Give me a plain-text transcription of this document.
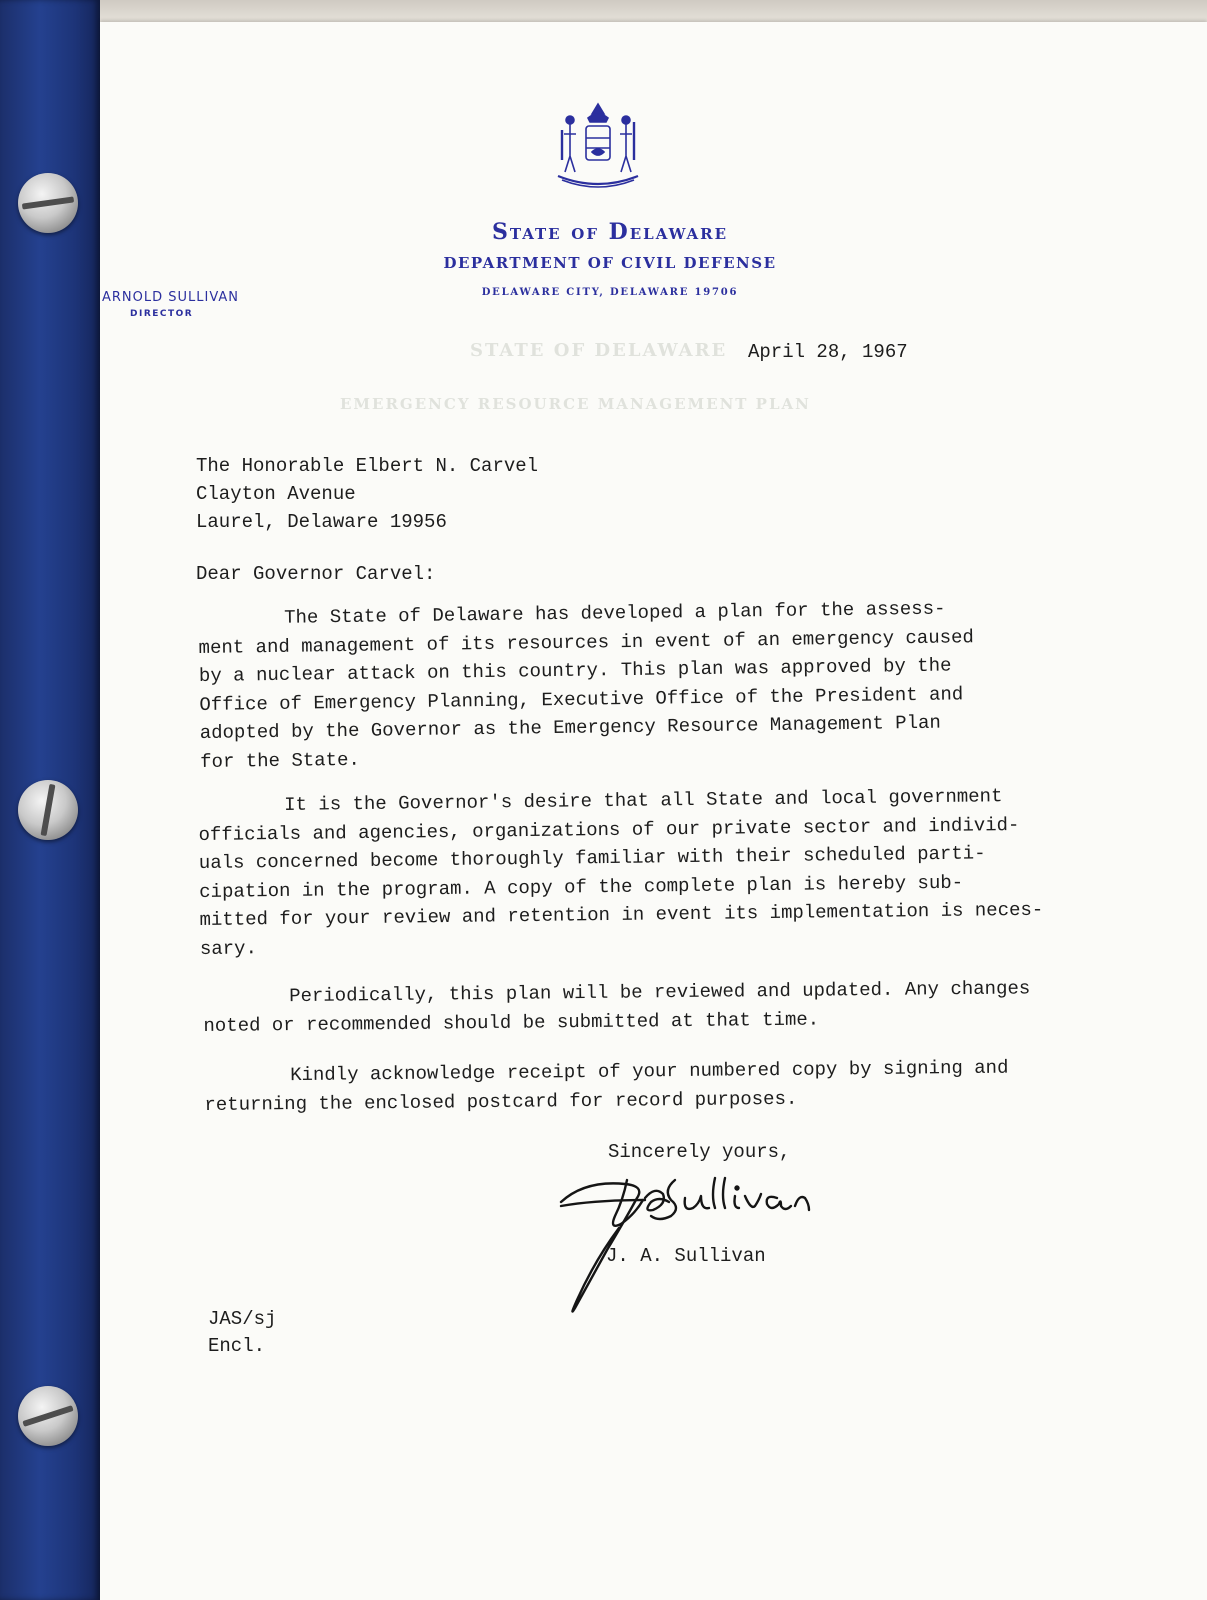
State of Delaware

DEPARTMENT OF CIVIL DEFENSE

DELAWARE CITY, DELAWARE 19706

ARNOLD SULLIVAN

DIRECTOR

STATE OF DELAWARE

EMERGENCY RESOURCE MANAGEMENT PLAN

April 28, 1967

The Honorable Elbert N. Carvel
Clayton Avenue
Laurel, Delaware 19956

Dear Governor Carvel:

The State of Delaware has developed a plan for the assess-
ment and management of its resources in event of an emergency caused
by a nuclear attack on this country. This plan was approved by the
Office of Emergency Planning, Executive Office of the President and
adopted by the Governor as the Emergency Resource Management Plan
for the State.

It is the Governor's desire that all State and local government
officials and agencies, organizations of our private sector and individ-
uals concerned become thoroughly familiar with their scheduled parti-
cipation in the program. A copy of the complete plan is hereby sub-
mitted for your review and retention in event its implementation is neces-
sary.

Periodically, this plan will be reviewed and updated. Any changes
noted or recommended should be submitted at that time.

Kindly acknowledge receipt of your numbered copy by signing and
returning the enclosed postcard for record purposes.

Sincerely yours,

J. A. Sullivan

JAS/sj

Encl.
